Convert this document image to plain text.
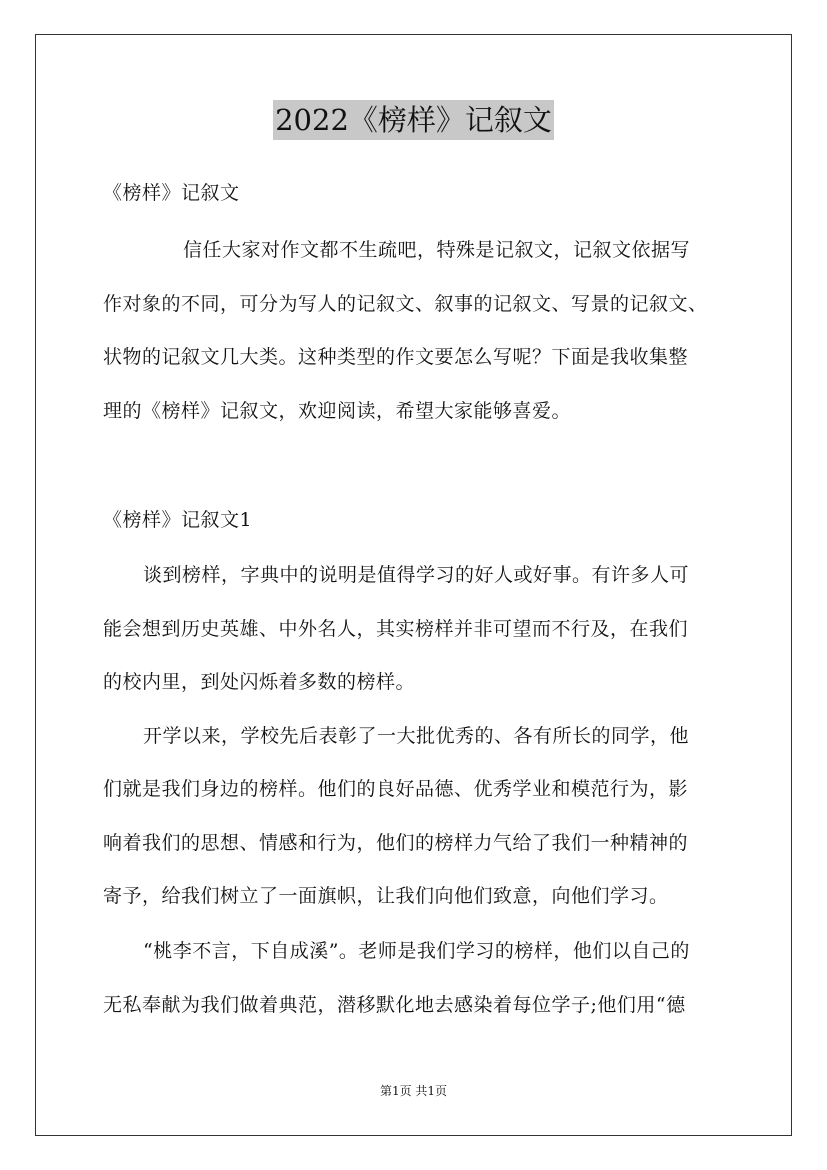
2022《榜样》记叙文
《榜样》记叙文
信任大家对作文都不生疏吧，特殊是记叙文，记叙文依据写
作对象的不同，可分为写人的记叙文、叙事的记叙文、写景的记叙文、
状物的记叙文几大类。这种类型的作文要怎么写呢？下面是我收集整
理的《榜样》记叙文，欢迎阅读，希望大家能够喜爱。
《榜样》记叙文1
谈到榜样，字典中的说明是值得学习的好人或好事。有许多人可
能会想到历史英雄、中外名人，其实榜样并非可望而不行及，在我们
的校内里，到处闪烁着多数的榜样。
开学以来，学校先后表彰了一大批优秀的、各有所长的同学，他
们就是我们身边的榜样。他们的良好品德、优秀学业和模范行为，影
响着我们的思想、情感和行为，他们的榜样力气给了我们一种精神的
寄予，给我们树立了一面旗帜，让我们向他们致意，向他们学习。
“桃李不言，下自成溪”。老师是我们学习的榜样，他们以自己的
无私奉献为我们做着典范，潜移默化地去感染着每位学子;他们用“德
第1页 共1页
